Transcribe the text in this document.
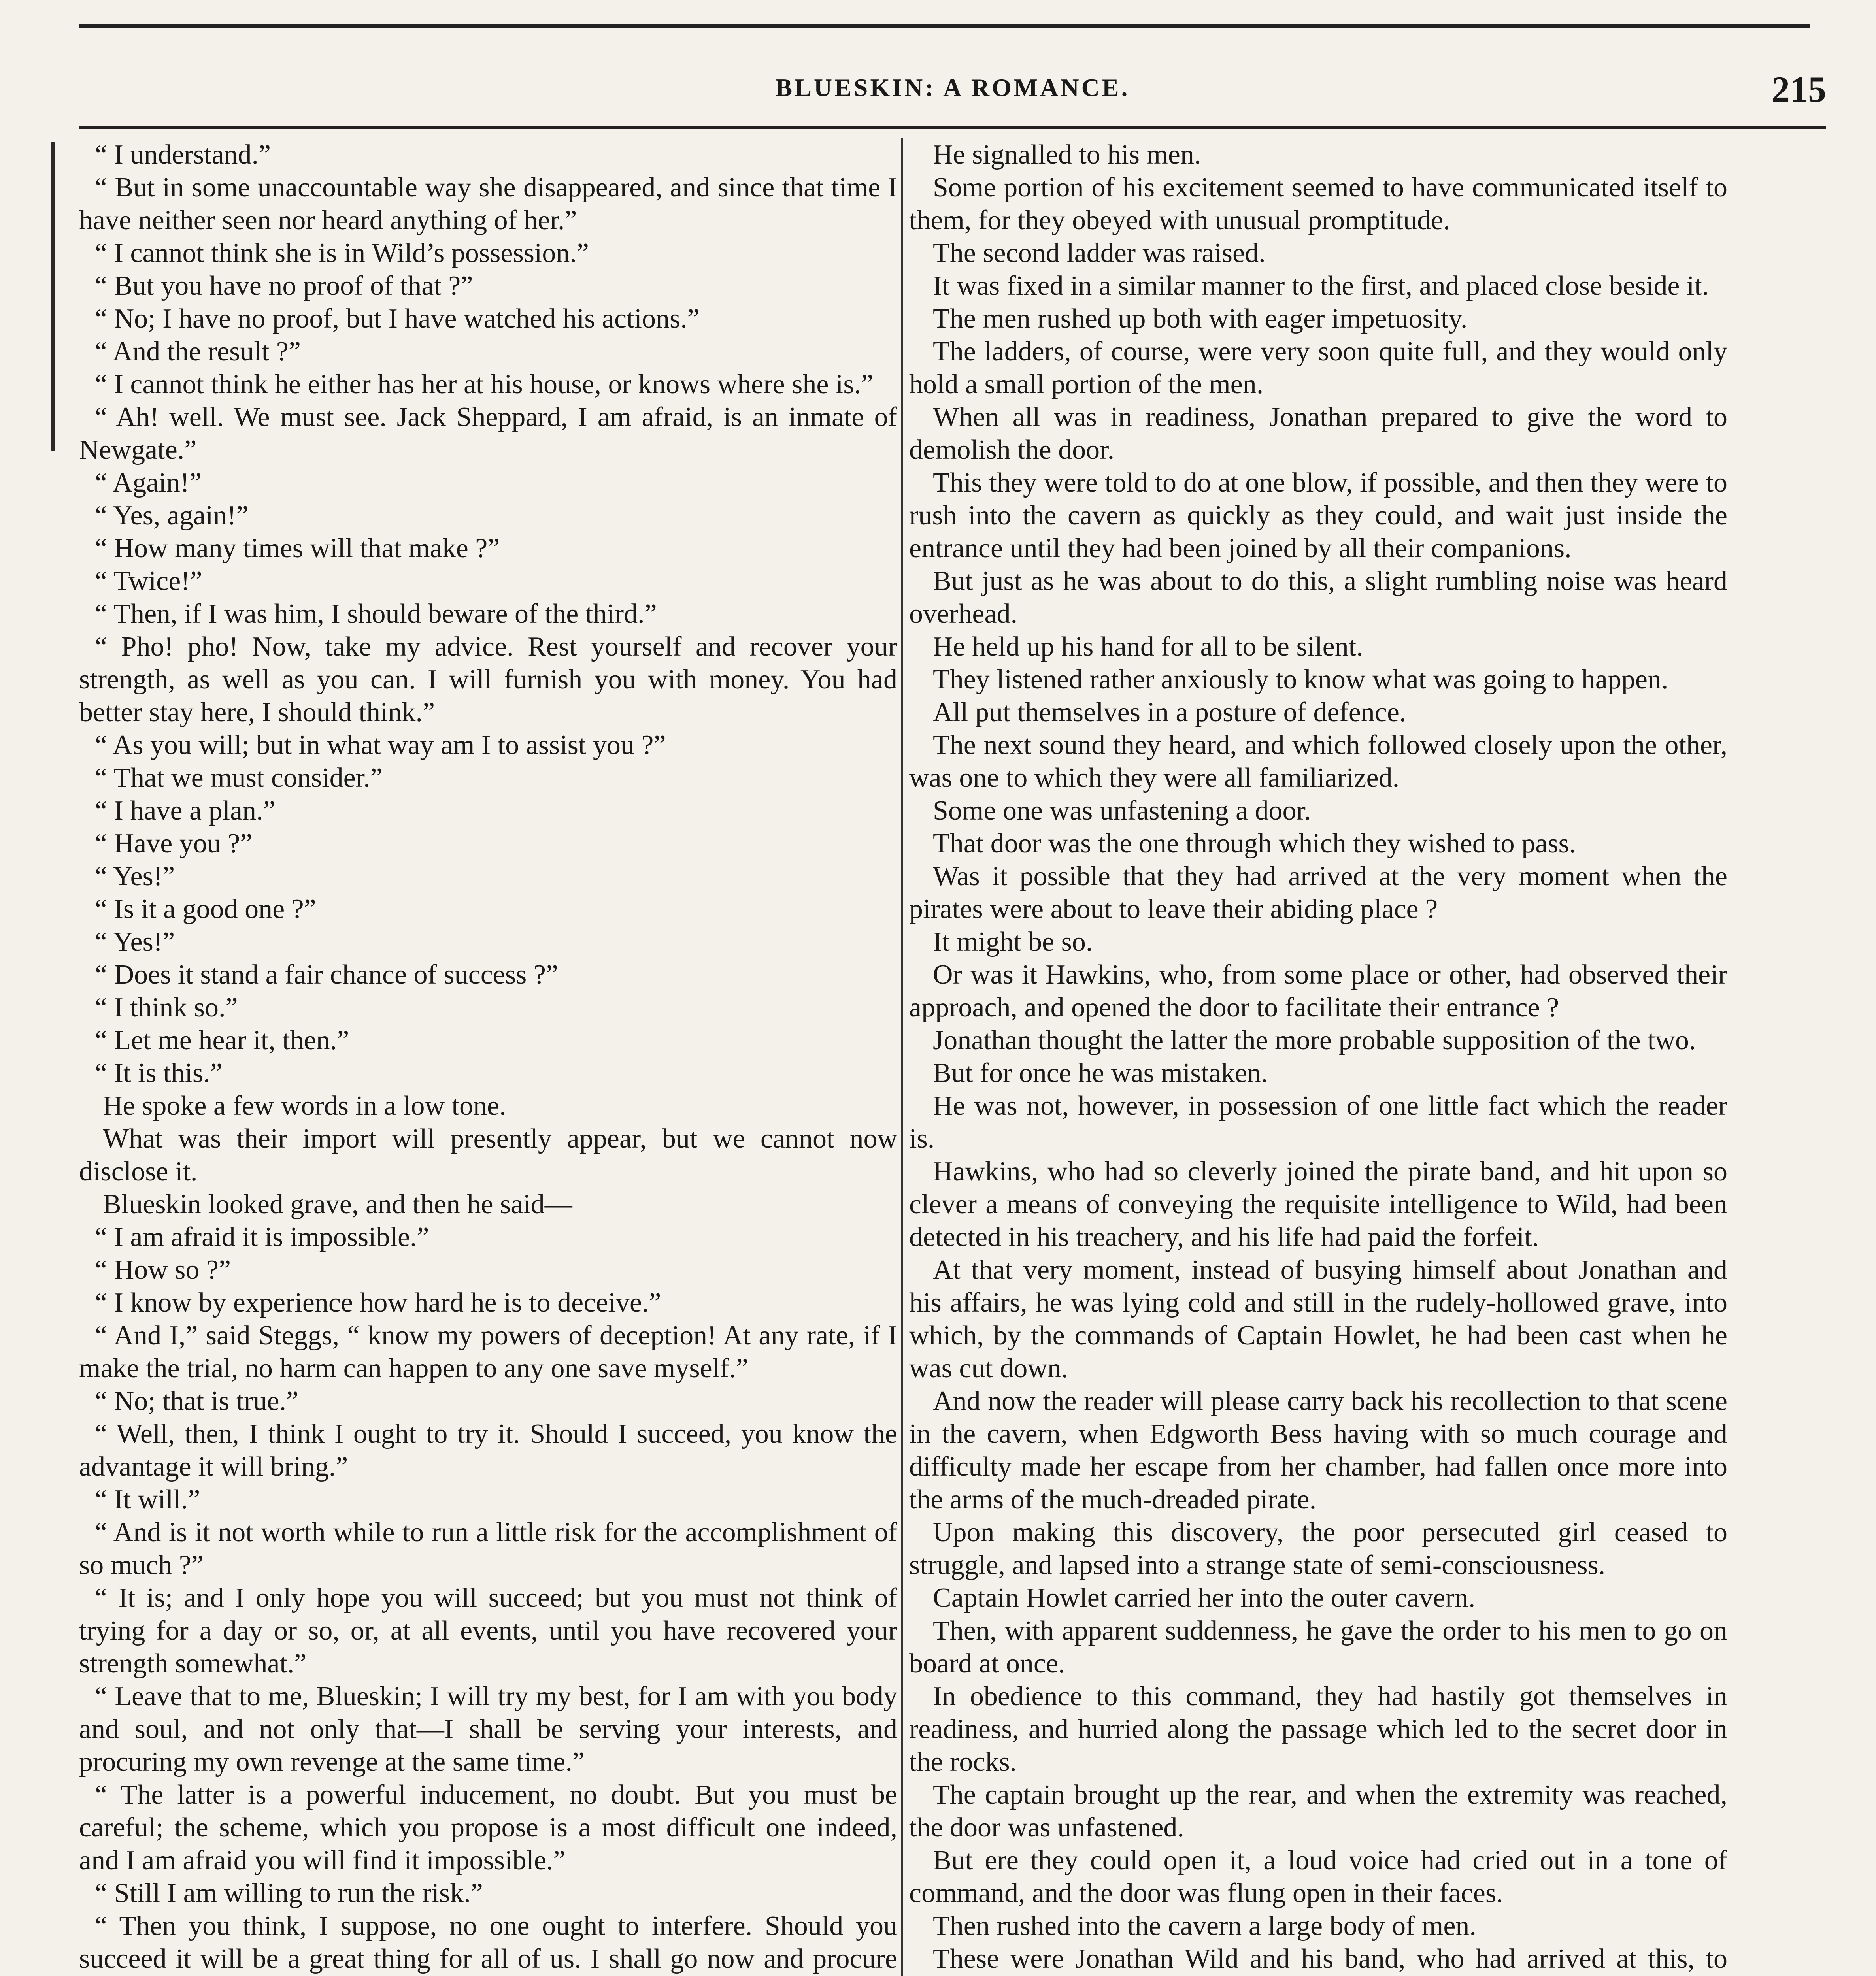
BLUESKIN: A ROMANCE.	215

“ I understand.”

“ But in some unaccountable way she disappeared, and since that time I have neither seen nor heard anything of her.”

“ I cannot think she is in Wild’s possession.”

“ But you have no proof of that ?”

“ No; I have no proof, but I have watched his actions.”

“ And the result ?”

“ I cannot think he either has her at his house, or knows where she is.”

“ Ah! well. We must see. Jack Sheppard, I am afraid, is an inmate of Newgate.”

“ Again!”

“ Yes, again!”

“ How many times will that make ?”

“ Twice!”

“ Then, if I was him, I should beware of the third.”

“ Pho! pho! Now, take my advice. Rest yourself and recover your strength, as well as you can. I will furnish you with money. You had better stay here, I should think.”

“ As you will; but in what way am I to assist you ?”

“ That we must consider.”

“ I have a plan.”

“ Have you ?”

“ Yes!”

“ Is it a good one ?”

“ Yes!”

“ Does it stand a fair chance of success ?”

“ I think so.”

“ Let me hear it, then.”

“ It is this.”

He spoke a few words in a low tone.

What was their import will presently appear, but we cannot now disclose it.

Blueskin looked grave, and then he said—

“ I am afraid it is impossible.”

“ How so ?”

“ I know by experience how hard he is to deceive.”

“ And I,” said Steggs, “ know my powers of deception! At any rate, if I make the trial, no harm can happen to any one save myself.”

“ No; that is true.”

“ Well, then, I think I ought to try it. Should I succeed, you know the advantage it will bring.”

“ It will.”

“ And is it not worth while to run a little risk for the accomplishment of so much ?”

“ It is; and I only hope you will succeed; but you must not think of trying for a day or so, or, at all events, until you have recovered your strength somewhat.”

“ Leave that to me, Blueskin; I will try my best, for I am with you body and soul, and not only that—I shall be serving your interests, and procuring my own revenge at the same time.”

“ The latter is a powerful inducement, no doubt. But you must be careful; the scheme, which you propose is a most difficult one indeed, and I am afraid you will find it impossible.”

“ Still I am willing to run the risk.”

“ Then you think, I suppose, no one ought to interfere. Should you succeed it will be a great thing for all of us. I shall go now and procure

He signalled to his men.

Some portion of his excitement seemed to have communicated itself to them, for they obeyed with unusual promptitude.

The second ladder was raised.

It was fixed in a similar manner to the first, and placed close beside it.

The men rushed up both with eager impetuosity.

The ladders, of course, were very soon quite full, and they would only hold a small portion of the men.

When all was in readiness, Jonathan prepared to give the word to demolish the door.

This they were told to do at one blow, if possible, and then they were to rush into the cavern as quickly as they could, and wait just inside the entrance until they had been joined by all their companions.

But just as he was about to do this, a slight rumbling noise was heard overhead.

He held up his hand for all to be silent.

They listened rather anxiously to know what was going to happen.

All put themselves in a posture of defence.

The next sound they heard, and which followed closely upon the other, was one to which they were all familiarized.

Some one was unfastening a door.

That door was the one through which they wished to pass.

Was it possible that they had arrived at the very moment when the pirates were about to leave their abiding place ?

It might be so.

Or was it Hawkins, who, from some place or other, had observed their approach, and opened the door to facilitate their entrance ?

Jonathan thought the latter the more probable supposition of the two.

But for once he was mistaken.

He was not, however, in possession of one little fact which the reader is.

Hawkins, who had so cleverly joined the pirate band, and hit upon so clever a means of conveying the requisite intelligence to Wild, had been detected in his treachery, and his life had paid the forfeit.

At that very moment, instead of busying himself about Jonathan and his affairs, he was lying cold and still in the rudely-hollowed grave, into which, by the commands of Captain Howlet, he had been cast when he was cut down.

And now the reader will please carry back his recollection to that scene in the cavern, when Edgworth Bess having with so much courage and difficulty made her escape from her chamber, had fallen once more into the arms of the much-dreaded pirate.

Upon making this discovery, the poor persecuted girl ceased to struggle, and lapsed into a strange state of semi-consciousness.

Captain Howlet carried her into the outer cavern.

Then, with apparent suddenness, he gave the order to his men to go on board at once.

In obedience to this command, they had hastily got themselves in readiness, and hurried along the passage which led to the secret door in the rocks.

The captain brought up the rear, and when the extremity was reached, the door was unfastened.

But ere they could open it, a loud voice had cried out in a tone of command, and the door was flung open in their faces.

Then rushed into the cavern a large body of men.

These were Jonathan Wild and his band, who had arrived at this, to
